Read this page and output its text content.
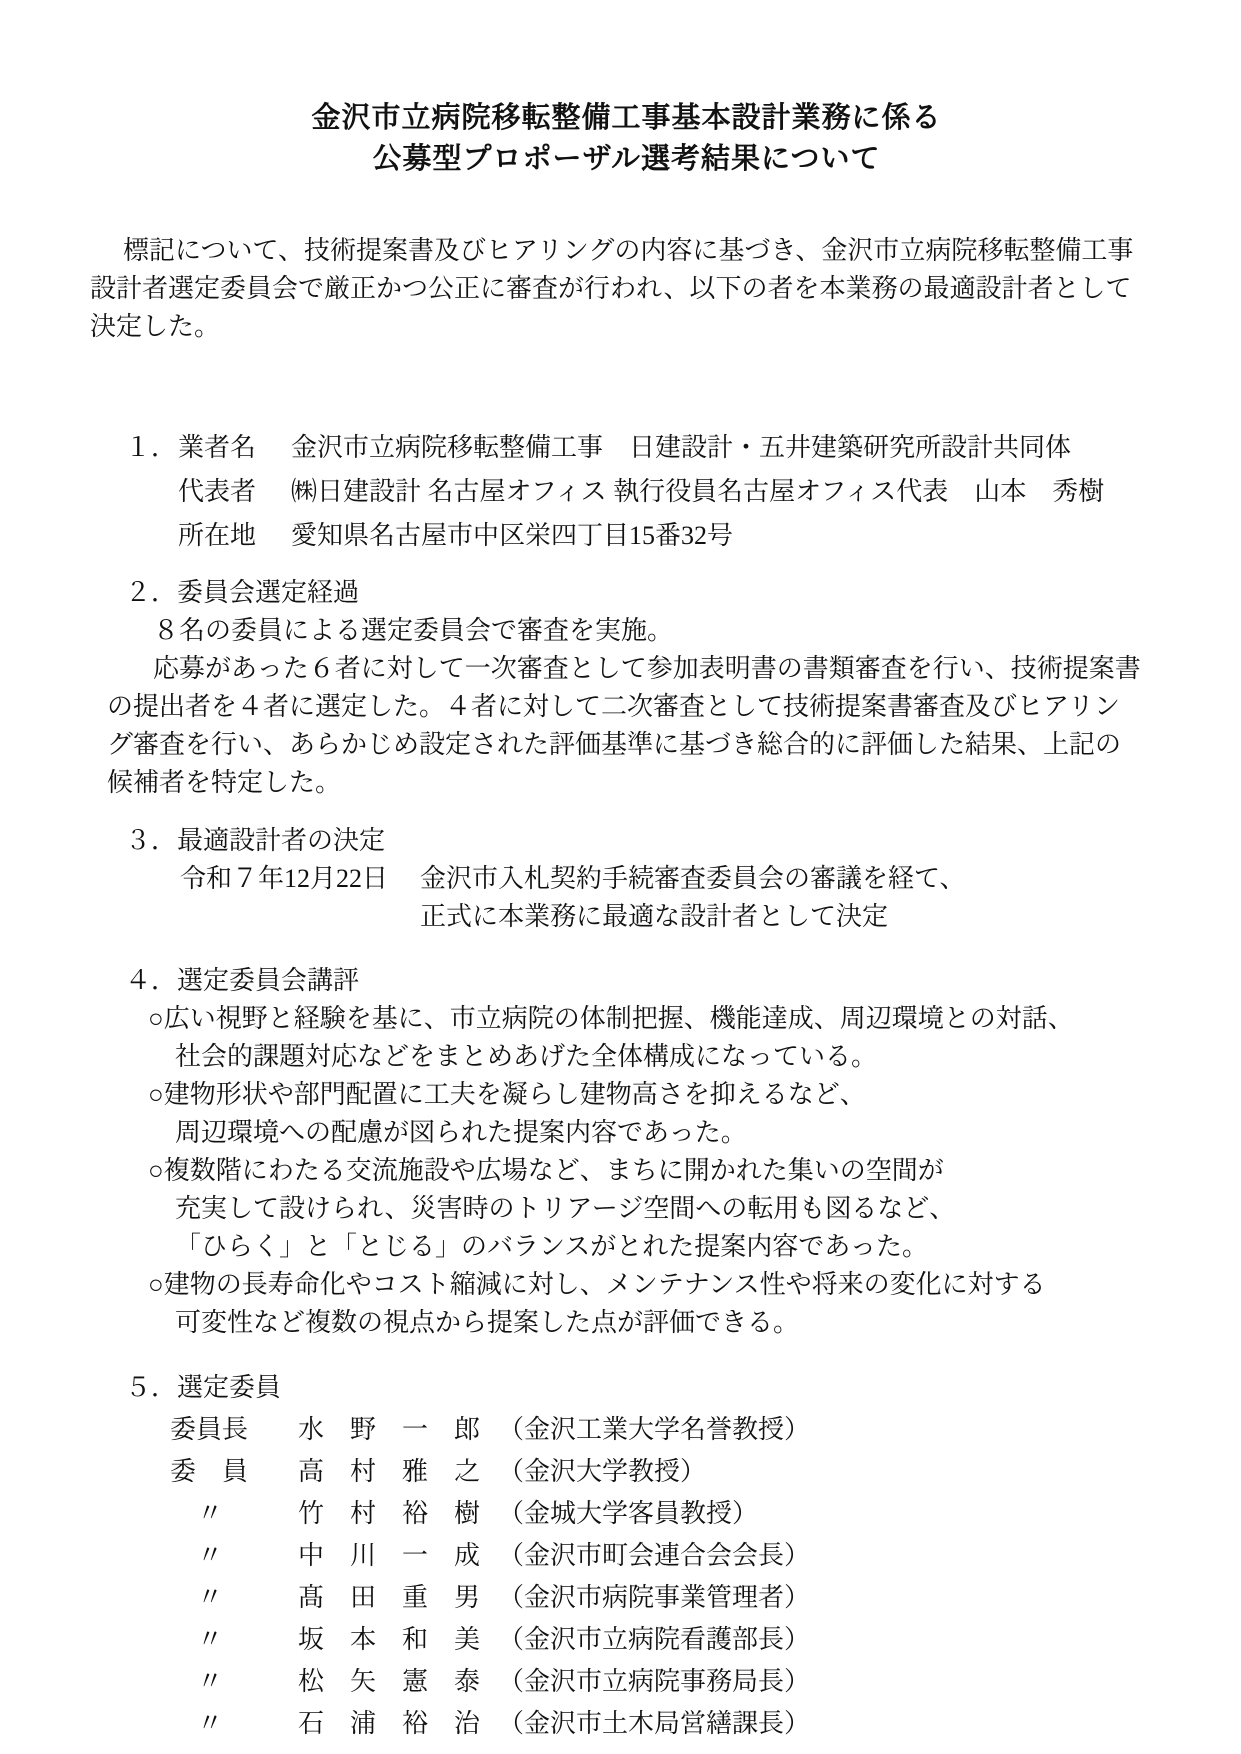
金沢市立病院移転整備工事基本設計業務に係る
公募型プロポーザル選考結果について
標記について、技術提案書及びヒアリングの内容に基づき、金沢市立病院移転整備工事
設計者選定委員会で厳正かつ公正に審査が行われ、以下の者を本業務の最適設計者として
決定した。
１． 業者名	金沢市立病院移転整備工事　日建設計・五井建築研究所設計共同体
代表者	㈱日建設計 名古屋オフィス 執行役員名古屋オフィス代表　山本　秀樹
所在地	愛知県名古屋市中区栄四丁目15番32号
２．委員会選定経過
８名の委員による選定委員会で審査を実施。
応募があった６者に対して一次審査として参加表明書の書類審査を行い、技術提案書
の提出者を４者に選定した。４者に対して二次審査として技術提案書審査及びヒアリン
グ審査を行い、あらかじめ設定された評価基準に基づき総合的に評価した結果、上記の
候補者を特定した。
３．最適設計者の決定
令和７年12月22日	金沢市入札契約手続審査委員会の審議を経て、
正式に本業務に最適な設計者として決定
４．選定委員会講評
○広い視野と経験を基に、市立病院の体制把握、機能達成、周辺環境との対話、
社会的課題対応などをまとめあげた全体構成になっている。
○建物形状や部門配置に工夫を凝らし建物高さを抑えるなど、
周辺環境への配慮が図られた提案内容であった。
○複数階にわたる交流施設や広場など、まちに開かれた集いの空間が
充実して設けられ、災害時のトリアージ空間への転用も図るなど、
「ひらく」と「とじる」のバランスがとれた提案内容であった。
○建物の長寿命化やコスト縮減に対し、メンテナンス性や将来の変化に対する
可変性など複数の視点から提案した点が評価できる。
５．選定委員
委員長 水　野　一　郎 （金沢工業大学名誉教授）
委　員 高　村　雅　之 （金沢大学教授）
〃	竹　村　裕　樹 （金城大学客員教授）
〃	中　川　一　成 （金沢市町会連合会会長）
〃	髙　田　重　男 （金沢市病院事業管理者）
〃	坂　本　和　美 （金沢市立病院看護部長）
〃	松　矢　憲　泰 （金沢市立病院事務局長）
〃	石　浦　裕　治 （金沢市土木局営繕課長）
